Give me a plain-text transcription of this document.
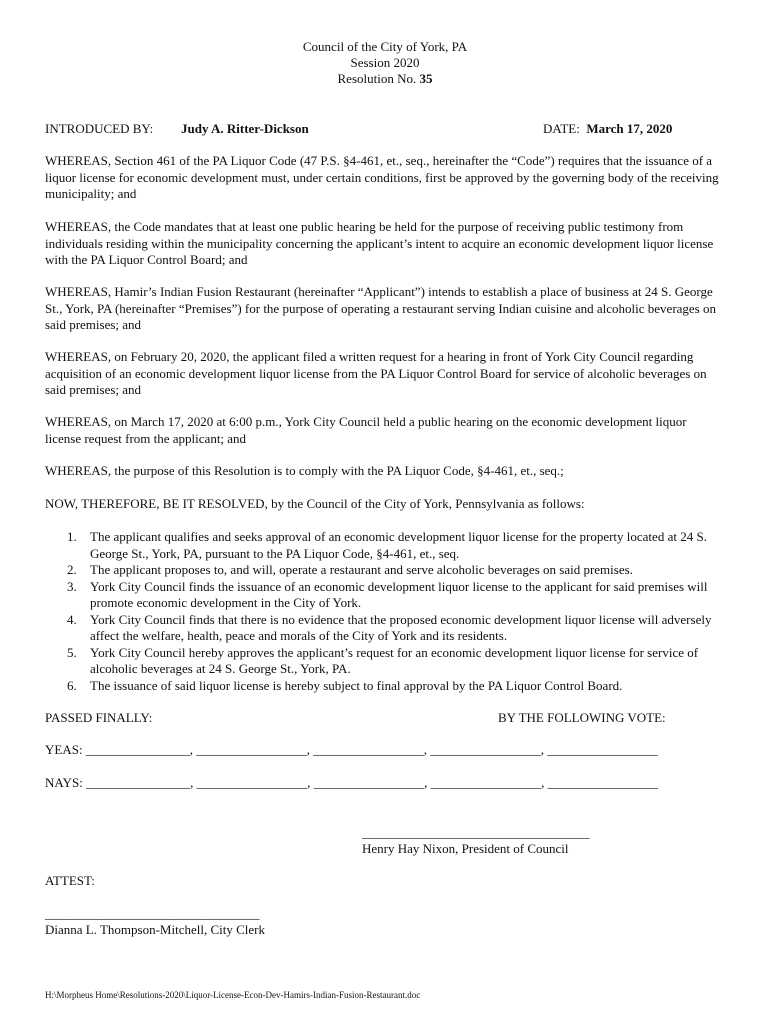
Council of the City of York, PA
Session 2020
Resolution No. 35
INTRODUCED BY: Judy A. Ritter-Dickson	DATE: March 17, 2020
WHEREAS, Section 461 of the PA Liquor Code (47 P.S. §4-461, et., seq., hereinafter the “Code”) requires that the issuance of a liquor license for economic development must, under certain conditions, first be approved by the governing body of the receiving municipality; and
WHEREAS, the Code mandates that at least one public hearing be held for the purpose of receiving public testimony from individuals residing within the municipality concerning the applicant’s intent to acquire an economic development liquor license with the PA Liquor Control Board; and
WHEREAS, Hamir’s Indian Fusion Restaurant (hereinafter “Applicant”) intends to establish a place of business at 24 S. George St., York, PA (hereinafter “Premises”) for the purpose of operating a restaurant serving Indian cuisine and alcoholic beverages on said premises; and
WHEREAS, on February 20, 2020, the applicant filed a written request for a hearing in front of York City Council regarding acquisition of an economic development liquor license from the PA Liquor Control Board for service of alcoholic beverages on said premises; and
WHEREAS, on March 17, 2020 at 6:00 p.m., York City Council held a public hearing on the economic development liquor license request from the applicant; and
WHEREAS, the purpose of this Resolution is to comply with the PA Liquor Code, §4-461, et., seq.;
NOW, THEREFORE, BE IT RESOLVED, by the Council of the City of York, Pennsylvania as follows:
1. The applicant qualifies and seeks approval of an economic development liquor license for the property located at 24 S. George St., York, PA, pursuant to the PA Liquor Code, §4-461, et., seq.
2. The applicant proposes to, and will, operate a restaurant and serve alcoholic beverages on said premises.
3. York City Council finds the issuance of an economic development liquor license to the applicant for said premises will promote economic development in the City of York.
4. York City Council finds that there is no evidence that the proposed economic development liquor license will adversely affect the welfare, health, peace and morals of the City of York and its residents.
5. York City Council hereby approves the applicant’s request for an economic development liquor license for service of alcoholic beverages at 24 S. George St., York, PA.
6. The issuance of said liquor license is hereby subject to final approval by the PA Liquor Control Board.
PASSED FINALLY:	BY THE FOLLOWING VOTE:
YEAS: ________________, _________________, _________________, _________________, _________________
NAYS: ________________, _________________, _________________, _________________, _________________
___________________________________
Henry Hay Nixon, President of Council
ATTEST:
_________________________________
Dianna L. Thompson-Mitchell, City Clerk
H:\Morpheus Home\Resolutions-2020\Liquor-License-Econ-Dev-Hamirs-Indian-Fusion-Restaurant.doc
